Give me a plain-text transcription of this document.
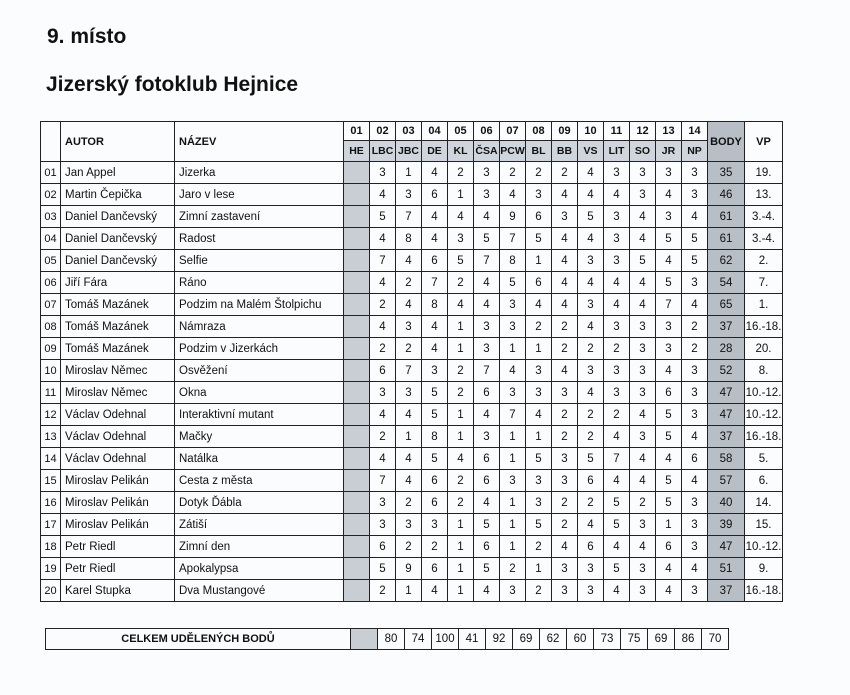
9. místo
Jizerský fotoklub Hejnice
	AUTOR	NÁZEV	01	02	03	04	05	06	07	08	09	10	11	12	13	14	BODY	VP
			HE	LBC	JBC	DE	KL	ČSA	PCW	BL	BB	VS	LIT	SO	JR	NP		
01	Jan Appel	Jizerka		3	1	4	2	3	2	2	2	4	3	3	3	3	35	19.
02	Martin Čepička	Jaro v lese		4	3	6	1	3	4	3	4	4	4	3	4	3	46	13.
03	Daniel Dančevský	Zimní zastavení		5	7	4	4	4	9	6	3	5	3	4	3	4	61	3.-4.
04	Daniel Dančevský	Radost		4	8	4	3	5	7	5	4	4	3	4	5	5	61	3.-4.
05	Daniel Dančevský	Selfie		7	4	6	5	7	8	1	4	3	3	5	4	5	62	2.
06	Jiří Fára	Ráno		4	2	7	2	4	5	6	4	4	4	4	5	3	54	7.
07	Tomáš Mazánek	Podzim na Malém Štolpichu		2	4	8	4	4	3	4	4	3	4	4	7	4	65	1.
08	Tomáš Mazánek	Námraza		4	3	4	1	3	3	2	2	4	3	3	3	2	37	16.-18.
09	Tomáš Mazánek	Podzim v Jizerkách		2	2	4	1	3	1	1	2	2	2	3	3	2	28	20.
10	Miroslav Němec	Osvěžení		6	7	3	2	7	4	3	4	3	3	3	4	3	52	8.
11	Miroslav Němec	Okna		3	3	5	2	6	3	3	3	4	3	3	6	3	47	10.-12.
12	Václav Odehnal	Interaktivní mutant		4	4	5	1	4	7	4	2	2	2	4	5	3	47	10.-12.
13	Václav Odehnal	Mačky		2	1	8	1	3	1	1	2	2	4	3	5	4	37	16.-18.
14	Václav Odehnal	Natálka		4	4	5	4	6	1	5	3	5	7	4	4	6	58	5.
15	Miroslav Pelikán	Cesta z města		7	4	6	2	6	3	3	3	6	4	4	5	4	57	6.
16	Miroslav Pelikán	Dotyk Ďábla		3	2	6	2	4	1	3	2	2	5	2	5	3	40	14.
17	Miroslav Pelikán	Zátiší		3	3	3	1	5	1	5	2	4	5	3	1	3	39	15.
18	Petr Riedl	Zimní den		6	2	2	1	6	1	2	4	6	4	4	6	3	47	10.-12.
19	Petr Riedl	Apokalypsa		5	9	6	1	5	2	1	3	3	5	3	4	4	51	9.
20	Karel Stupka	Dva Mustangové		2	1	4	1	4	3	2	3	3	4	3	4	3	37	16.-18.
CELKEM UDĚLENÝCH BODŮ		80	74	100	41	92	69	62	60	73	75	69	86	70
